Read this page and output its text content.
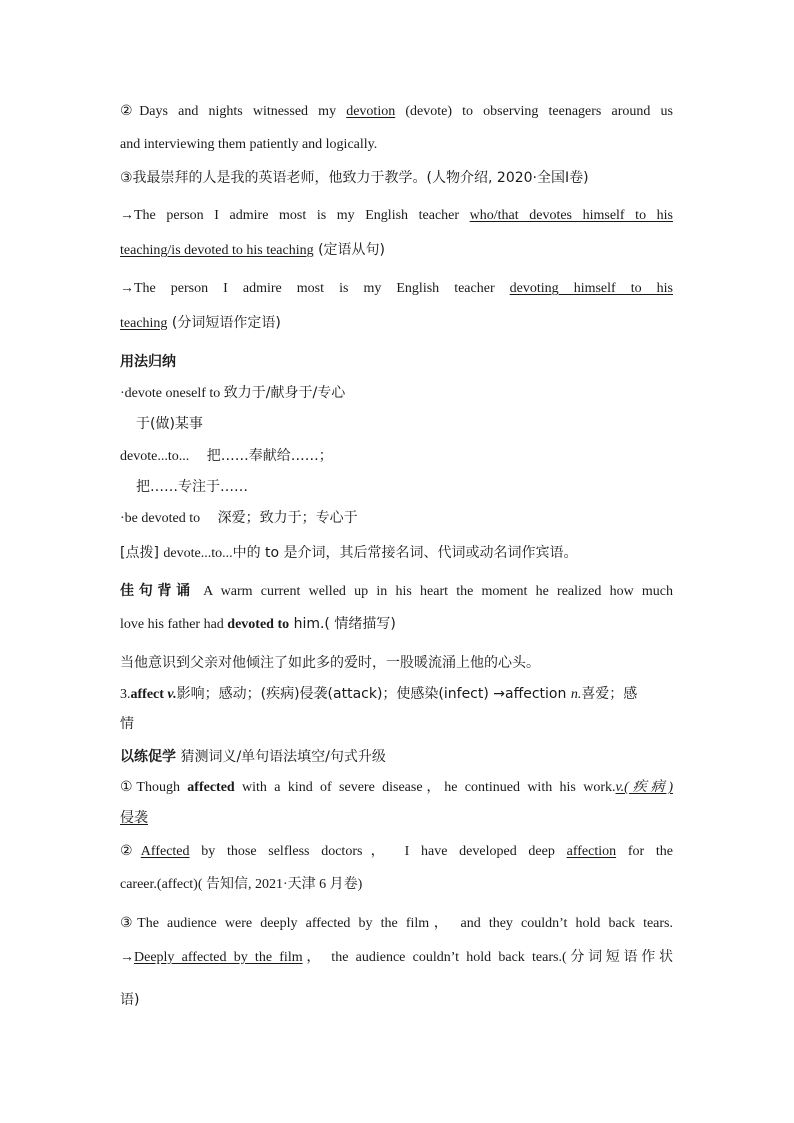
②Days and nights witnessed my devotion (devote) to observing teenagers around us
and interviewing them patiently and logically.
③我最崇拜的人是我的英语老师，他致力于教学。(人物介绍, 2020·全国Ⅰ卷)
→The person I admire most is my English teacher who/that devotes himself to his
teaching/is devoted to his teaching (定语从句)
→The person I admire most is my English teacher devoting himself to his
teaching (分词短语作定语)
用法归纳
·devote oneself to 致力于/献身于/专心
于(做)某事
devote...to... 把……奉献给……；
把……专注于……
·be devoted to 深爱；致力于；专心于
[点拨] devote...to...中的 to 是介词，其后常接名词、代词或动名词作宾语。
佳句背诵 A warm current welled up in his heart the moment he realized how much
love his father had devoted to him.( 情绪描写)
当他意识到父亲对他倾注了如此多的爱时，一股暖流涌上他的心头。
3.affect v.影响；感动；(疾病)侵袭(attack)；使感染(infect) →affection n.喜爱；感
情
以练促学 猜测词义/单句语法填空/句式升级
①Though affected with a kind of severe disease，he continued with his work.v.(疾病)
侵袭
②Affected by those selfless doctors， I have developed deep affection for the
career.(affect)( 告知信, 2021·天津 6 月卷)
③The audience were deeply affected by the film， and they couldn’t hold back tears.
→Deeply affected by the film， the audience couldn’t hold back tears.(分词短语作状
语)
